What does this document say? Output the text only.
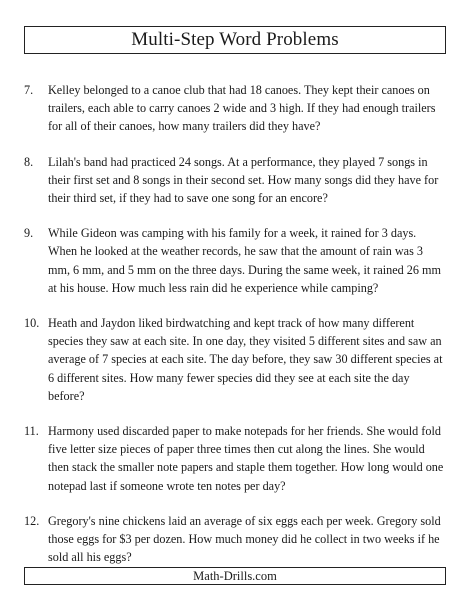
Multi-Step Word Problems
7.	Kelley belonged to a canoe club that had 18 canoes. They kept their canoes on trailers, each able to carry canoes 2 wide and 3 high. If they had enough trailers for all of their canoes, how many trailers did they have?
8.	Lilah's band had practiced 24 songs. At a performance, they played 7 songs in their first set and 8 songs in their second set. How many songs did they have for their third set, if they had to save one song for an encore?
9.	While Gideon was camping with his family for a week, it rained for 3 days. When he looked at the weather records, he saw that the amount of rain was 3 mm, 6 mm, and 5 mm on the three days. During the same week, it rained 26 mm at his house. How much less rain did he experience while camping?
10. Heath and Jaydon liked birdwatching and kept track of how many different species they saw at each site. In one day, they visited 5 different sites and saw an average of 7 species at each site. The day before, they saw 30 different species at 6 different sites. How many fewer species did they see at each site the day before?
11. Harmony used discarded paper to make notepads for her friends. She would fold five letter size pieces of paper three times then cut along the lines. She would then stack the smaller note papers and staple them together. How long would one notepad last if someone wrote ten notes per day?
12. Gregory's nine chickens laid an average of six eggs each per week. Gregory sold those eggs for $3 per dozen. How much money did he collect in two weeks if he sold all his eggs?
Math-Drills.com
